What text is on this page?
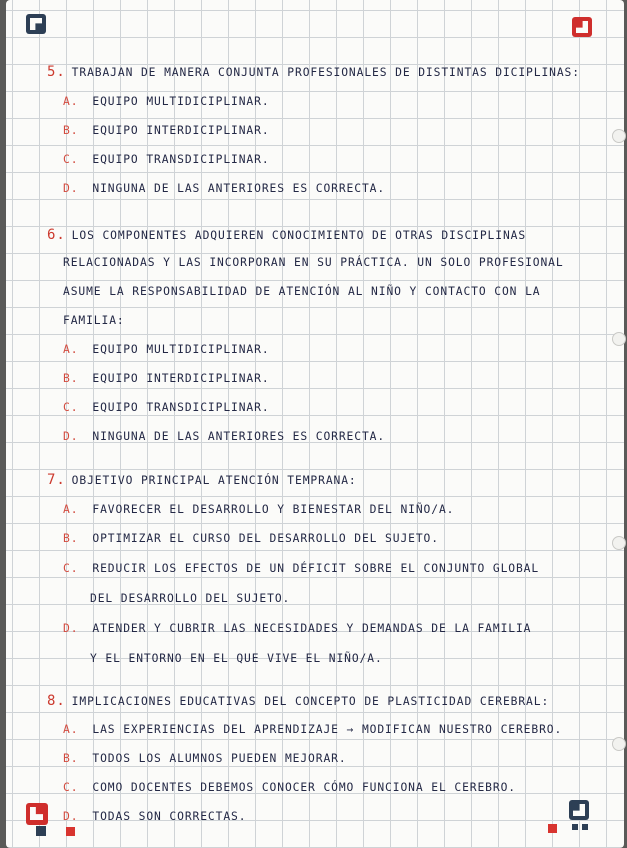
5. TRABAJAN DE MANERA CONJUNTA PROFESIONALES DE DISTINTAS DICIPLINAS:
A. EQUIPO MULTIDICIPLINAR.
B. EQUIPO INTERDICIPLINAR.
C. EQUIPO TRANSDICIPLINAR.
D. NINGUNA DE LAS ANTERIORES ES CORRECTA.
6. LOS COMPONENTES ADQUIEREN CONOCIMIENTO DE OTRAS DISCIPLINAS
RELACIONADAS Y LAS INCORPORAN EN SU PRÁCTICA. UN SOLO PROFESIONAL
ASUME LA RESPONSABILIDAD DE ATENCIÓN AL NIÑO Y CONTACTO CON LA
FAMILIA:
A. EQUIPO MULTIDICIPLINAR.
B. EQUIPO INTERDICIPLINAR.
C. EQUIPO TRANSDICIPLINAR.
D. NINGUNA DE LAS ANTERIORES ES CORRECTA.
7. OBJETIVO PRINCIPAL ATENCIÓN TEMPRANA:
A. FAVORECER EL DESARROLLO Y BIENESTAR DEL NIÑO/A.
B. OPTIMIZAR EL CURSO DEL DESARROLLO DEL SUJETO.
C. REDUCIR LOS EFECTOS DE UN DÉFICIT SOBRE EL CONJUNTO GLOBAL
DEL DESARROLLO DEL SUJETO.
D. ATENDER Y CUBRIR LAS NECESIDADES Y DEMANDAS DE LA FAMILIA
Y EL ENTORNO EN EL QUE VIVE EL NIÑO/A.
8. IMPLICACIONES EDUCATIVAS DEL CONCEPTO DE PLASTICIDAD CEREBRAL:
A. LAS EXPERIENCIAS DEL APRENDIZAJE → MODIFICAN NUESTRO CEREBRO.
B. TODOS LOS ALUMNOS PUEDEN MEJORAR.
C. COMO DOCENTES DEBEMOS CONOCER CÓMO FUNCIONA EL CEREBRO.
D. TODAS SON CORRECTAS.
